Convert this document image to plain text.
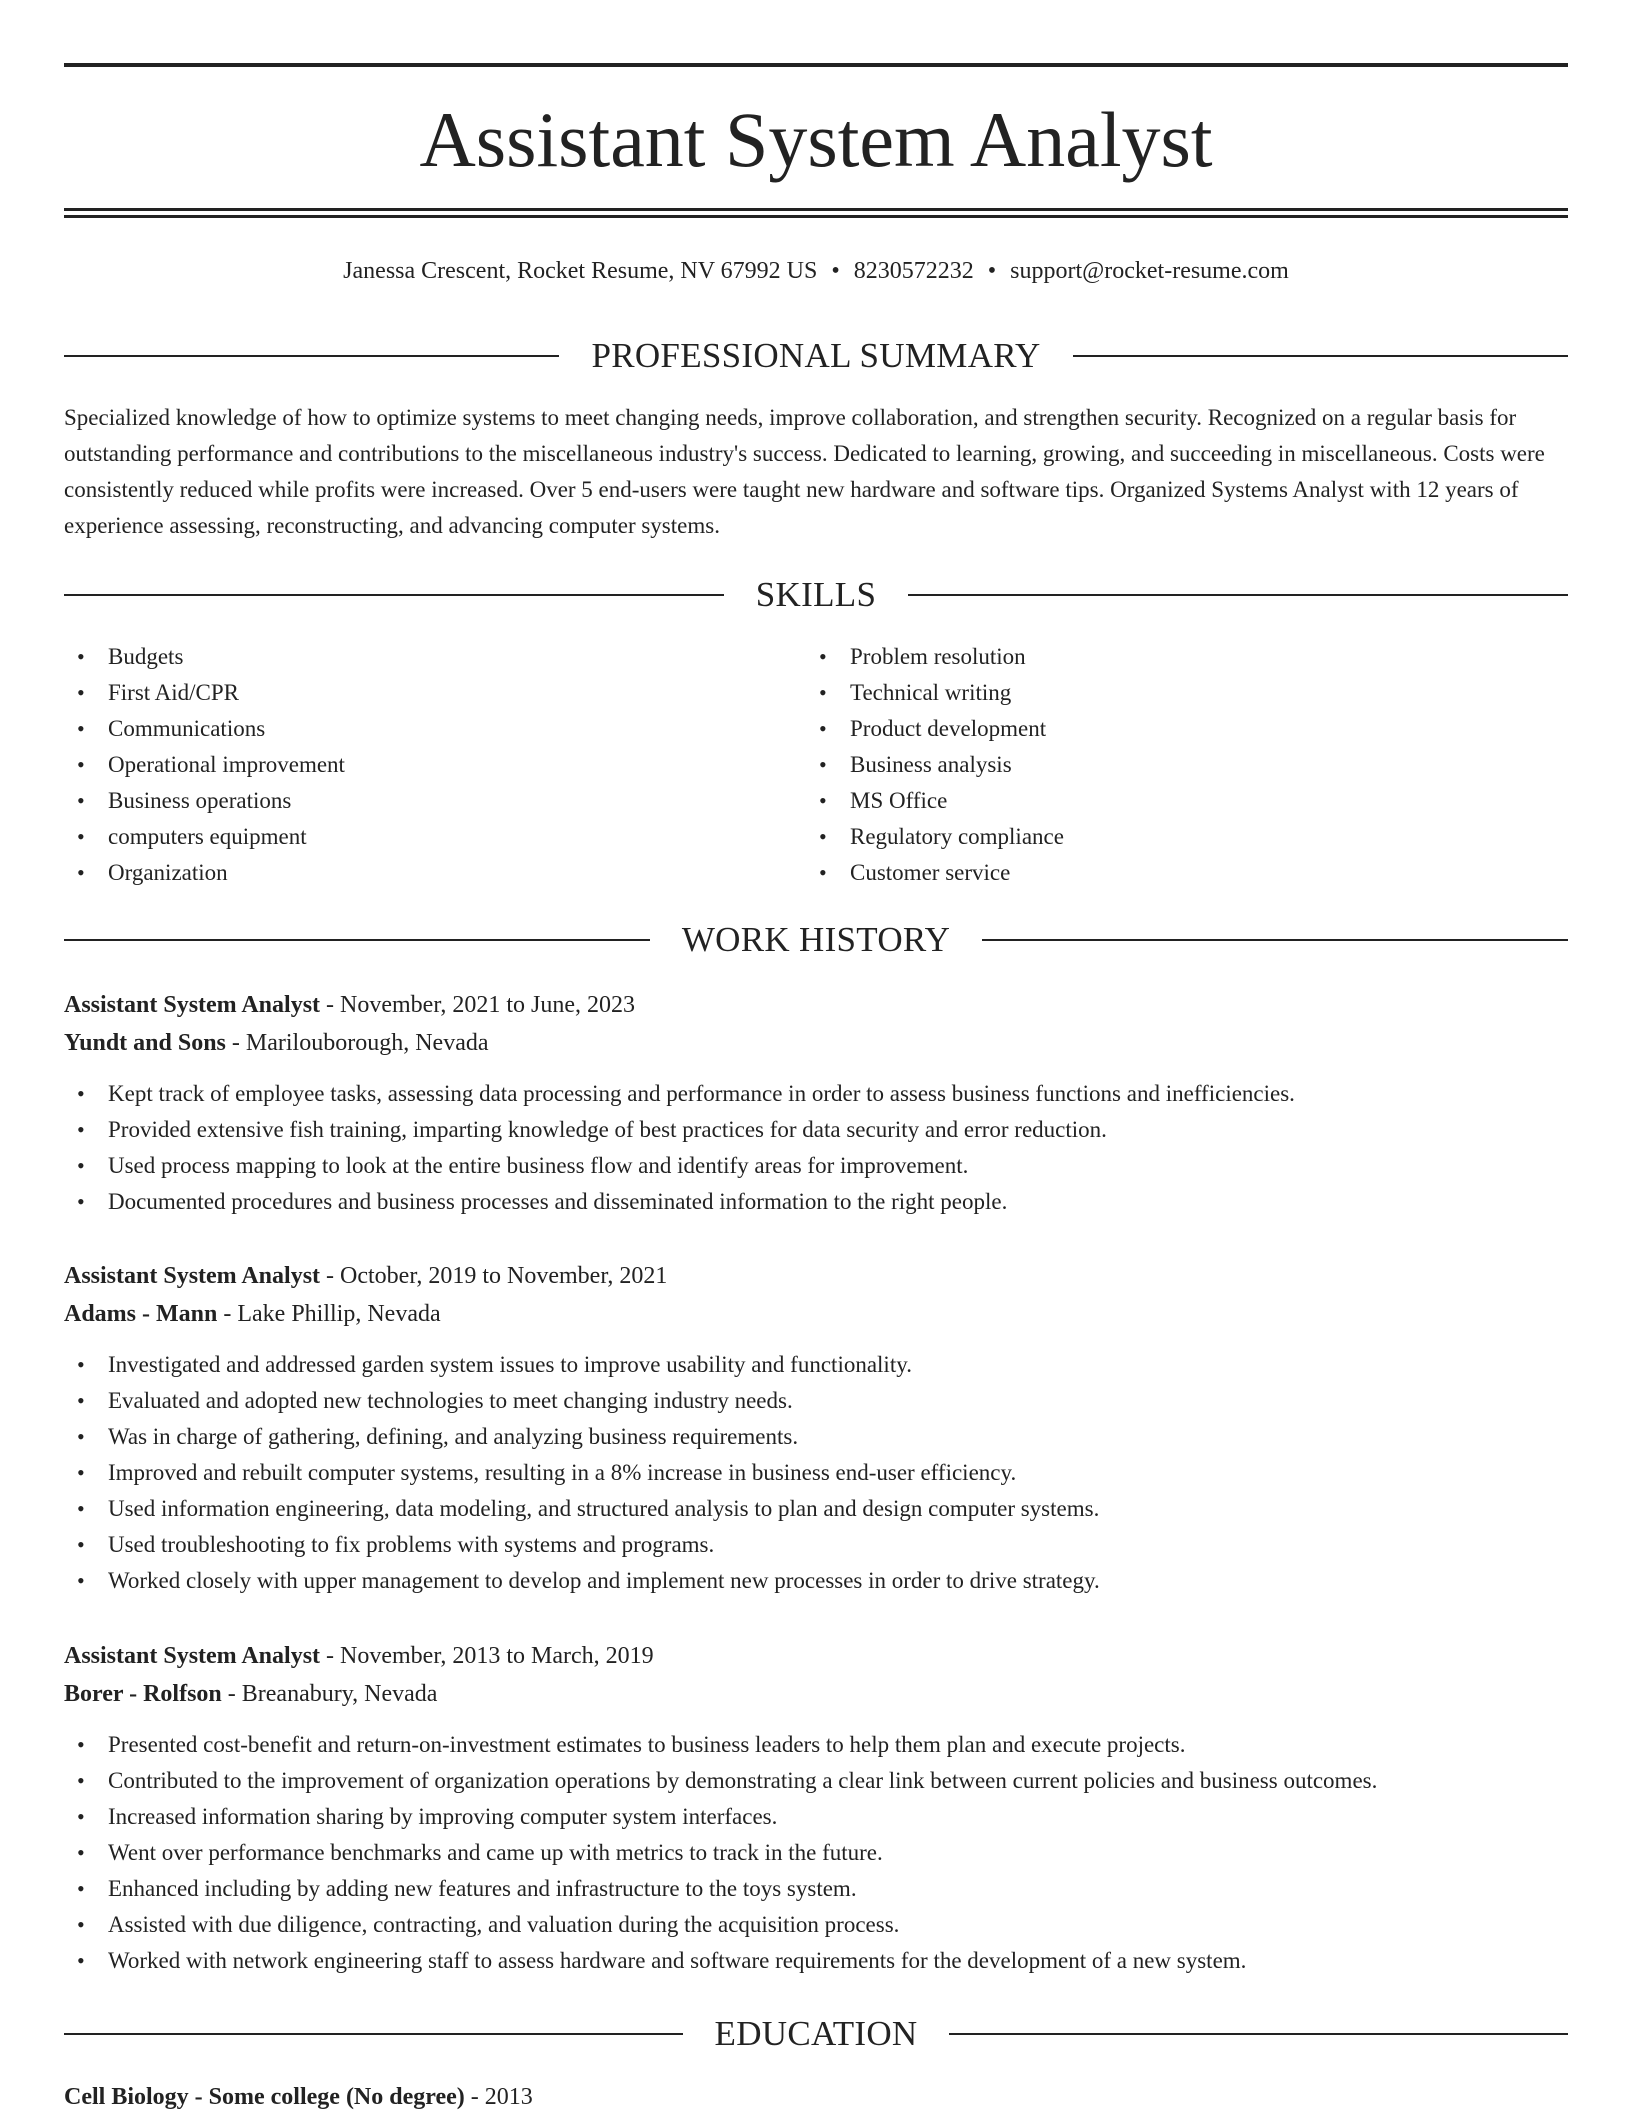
Assistant System Analyst
Janessa Crescent, Rocket Resume, NV 67992 US • 8230572232 • support@rocket-resume.com
PROFESSIONAL SUMMARY

Specialized knowledge of how to optimize systems to meet changing needs, improve collaboration, and strengthen security. Recognized on a regular basis for outstanding performance and contributions to the miscellaneous industry's success. Dedicated to learning, growing, and succeeding in miscellaneous. Costs were consistently reduced while profits were increased. Over 5 end-users were taught new hardware and software tips. Organized Systems Analyst with 12 years of experience assessing, reconstructing, and advancing computer systems.

SKILLS
• Budgets
• First Aid/CPR
• Communications
• Operational improvement
• Business operations
• computers equipment
• Organization
• Problem resolution
• Technical writing
• Product development
• Business analysis
• MS Office
• Regulatory compliance
• Customer service
WORK HISTORY
Assistant System Analyst - November, 2021 to June, 2023
Yundt and Sons - Marilouborough, Nevada
• Kept track of employee tasks, assessing data processing and performance in order to assess business functions and inefficiencies.
• Provided extensive fish training, imparting knowledge of best practices for data security and error reduction.
• Used process mapping to look at the entire business flow and identify areas for improvement.
• Documented procedures and business processes and disseminated information to the right people.
Assistant System Analyst - October, 2019 to November, 2021
Adams - Mann - Lake Phillip, Nevada
• Investigated and addressed garden system issues to improve usability and functionality.
• Evaluated and adopted new technologies to meet changing industry needs.
• Was in charge of gathering, defining, and analyzing business requirements.
• Improved and rebuilt computer systems, resulting in a 8% increase in business end-user efficiency.
• Used information engineering, data modeling, and structured analysis to plan and design computer systems.
• Used troubleshooting to fix problems with systems and programs.
• Worked closely with upper management to develop and implement new processes in order to drive strategy.
Assistant System Analyst - November, 2013 to March, 2019
Borer - Rolfson - Breanabury, Nevada
• Presented cost-benefit and return-on-investment estimates to business leaders to help them plan and execute projects.
• Contributed to the improvement of organization operations by demonstrating a clear link between current policies and business outcomes.
• Increased information sharing by improving computer system interfaces.
• Went over performance benchmarks and came up with metrics to track in the future.
• Enhanced including by adding new features and infrastructure to the toys system.
• Assisted with due diligence, contracting, and valuation during the acquisition process.
• Worked with network engineering staff to assess hardware and software requirements for the development of a new system.
EDUCATION
Cell Biology - Some college (No degree) - 2013
